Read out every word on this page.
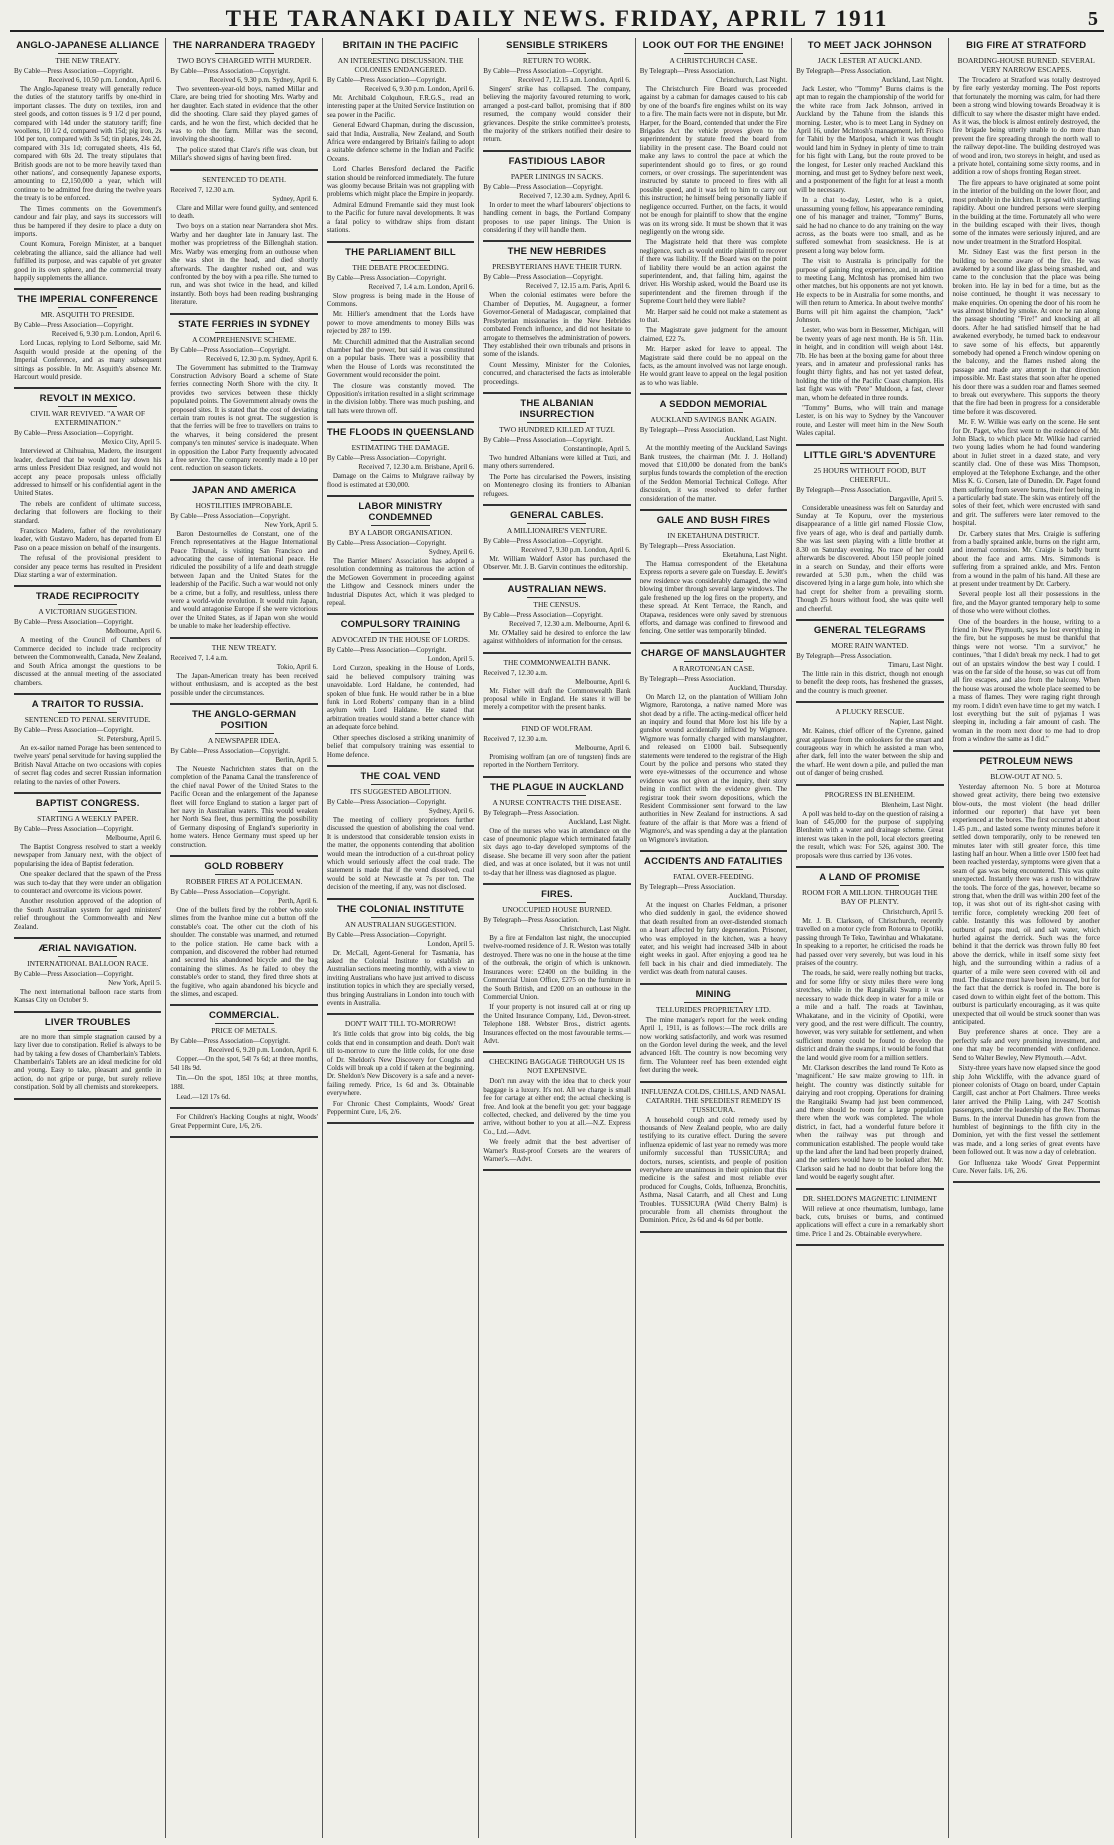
THE TARANAKI DAILY NEWS. FRIDAY, APRIL 7 1911	5
ANGLO-JAPANESE ALLIANCE
THE NEW TREATY.
By Cable—Press Association—Copyright.
Received 6, 10.50 p.m. London, April 6.

The Anglo-Japanese treaty will generally reduce the duties of the statutory tariffs by one-third in important classes. The duty on textiles, iron and steel goods, and cotton tissues is 9 1/2 d per pound, compared with 14d under the statutory tariff; fine woollens, 10 1/2 d, compared with 15d; pig iron, 2s 10d per ton, compared with 3s 5d; tin plates, 24s 2d, compared with 31s 1d; corrugated sheets, 41s 6d, compared with 60s 2d. The treaty stipulates that British goods are not to be more heavily taxed than other nations', and consequently Japanese exports, amounting to £2,150,000 a year, which will continue to be admitted free during the twelve years the treaty is to be enforced.

The Times comments on the Government's candour and fair play, and says its successors will thus be hampered if they desire to place a duty on imports.

Count Komura, Foreign Minister, at a banquet celebrating the alliance, said the alliance had well fulfilled its purpose, and was capable of yet greater good in its own sphere, and the commercial treaty happily supplements the alliance.

THE IMPERIAL CONFERENCE
MR. ASQUITH TO PRESIDE.
By Cable—Press Association—Copyright.
Received 6, 9.30 p.m. London, April 6.

Lord Lucas, replying to Lord Selborne, said Mr. Asquith would preside at the opening of the Imperial Conference, and as many subsequent sittings as possible. In Mr. Asquith's absence Mr. Harcourt would preside.

REVOLT IN MEXICO.
CIVIL WAR REVIVED. "A WAR OF EXTERMINATION."
By Cable—Press Association—Copyright.
Mexico City, April 5.

Interviewed at Chihuahua, Madero, the insurgent leader, declared that he would not lay down his arms unless President Diaz resigned, and would not accept any peace proposals unless officially addressed to himself or his confidential agent in the United States.

The rebels are confident of ultimate success, declaring that followers are flocking to their standard.

Francisco Madero, father of the revolutionary leader, with Gustavo Madero, has departed from El Paso on a peace mission on behalf of the insurgents.

The refusal of the provisional president to consider any peace terms has resulted in President Diaz starting a war of extermination.

TRADE RECIPROCITY
A VICTORIAN SUGGESTION.
By Cable—Press Association—Copyright.
Melbourne, April 6.

A meeting of the Council of Chambers of Commerce decided to include trade reciprocity between the Commonwealth, Canada, New Zealand, and South Africa amongst the questions to be discussed at the annual meeting of the associated chambers.

A TRAITOR TO RUSSIA.
SENTENCED TO PENAL SERVITUDE.
By Cable—Press Association—Copyright.
St. Petersburg, April 5.

An ex-sailor named Porage has been sentenced to twelve years' penal servitude for having supplied the British Naval Attache on two occasions with copies of secret flag codes and secret Russian information relating to the navies of other Powers.

BAPTIST CONGRESS.
STARTING A WEEKLY PAPER.
By Cable—Press Association—Copyright.
Melbourne, April 6.

The Baptist Congress resolved to start a weekly newspaper from January next, with the object of popularising the idea of Baptist federation.

One speaker declared that the spawn of the Press was such to-day that they were under an obligation to counteract and overcome its vicious power.

Another resolution approved of the adoption of the South Australian system for aged ministers' relief throughout the Commonwealth and New Zealand.

ÆRIAL NAVIGATION.
INTERNATIONAL BALLOON RACE.
By Cable—Press Association—Copyright.
New York, April 5.

The next international balloon race starts from Kansas City on October 9.

LIVER TROUBLES

are no more than simple stagnation caused by a lazy liver due to constipation. Relief is always to be had by taking a few doses of Chamberlain's Tablets. Chamberlain's Tablets are an ideal medicine for old and young. Easy to take, pleasant and gentle in action, do not gripe or purge, but surely relieve constipation. Sold by all chemists and storekeepers.

THE NARRANDERA TRAGEDY
TWO BOYS CHARGED WITH MURDER.
By Cable—Press Association—Copyright.
Received 6, 9.30 p.m. Sydney, April 6.

Two seventeen-year-old boys, named Millar and Clare, are being tried for shooting Mrs. Warby and her daughter. Each stated in evidence that the other did the shooting. Clare said they played games of cards, and he won the first, which decided that he was to rob the farm. Millar was the second, involving the shooting.

The police stated that Clare's rifle was clean, but Millar's showed signs of having been fired.

SENTENCED TO DEATH.
Received 7, 12.30 a.m.
Sydney, April 6.

Clare and Millar were found guilty, and sentenced to death.

Two boys on a station near Narrandera shot Mrs. Warby and her daughter late in January last. The mother was proprietress of the Billenghah station. Mrs. Warby was emerging from an outhouse when she was shot in the head, and died shortly afterwards. The daughter rushed out, and was confronted by the boy with a pea rifle. She turned to run, and was shot twice in the head, and killed instantly. Both boys had been reading bushranging literature.

STATE FERRIES IN SYDNEY
A COMPREHENSIVE SCHEME.
By Cable—Press Association—Copyright.
Received 6, 12.30 p.m. Sydney, April 6.

The Government has submitted to the Tramway Construction Advisory Board a scheme of State ferries connecting North Shore with the city. It provides two services between these thickly populated points. The Government already owns the proposed sites. It is stated that the cost of deviating certain tram routes is not great. The suggestion is that the ferries will be free to travellers on trains to the wharves, it being considered the present company's ten minutes' service is inadequate. When in opposition the Labor Party frequently advocated a free service. The company recently made a 10 per cent. reduction on season tickets.

JAPAN AND AMERICA
HOSTILITIES IMPROBABLE.
By Cable—Press Association—Copyright.
New York, April 5.

Baron Destournelles de Constant, one of the French representatives at the Hague International Peace Tribunal, is visiting San Francisco and advocating the cause of international peace. He ridiculed the possibility of a life and death struggle between Japan and the United States for the leadership of the Pacific. Such a war would not only be a crime, but a folly, and resultless, unless there were a world-wide revolution. It would ruin Japan, and would antagonise Europe if she were victorious over the United States, as if Japan won she would be unable to make her leadership effective.

THE NEW TREATY.
Received 7, 1.4 a.m.
Tokio, April 6.

The Japan-American treaty has been received without enthusiasm, and is accepted as the best possible under the circumstances.

THE ANGLO-GERMAN POSITION
A NEWSPAPER IDEA.
By Cable—Press Association—Copyright.
Berlin, April 5.

The Neueste Nachrichten states that on the completion of the Panama Canal the transference of the chief naval Power of the United States to the Pacific Ocean and the enlargement of the Japanese fleet will force England to station a larger part of her navy in Australian waters. This would weaken her North Sea fleet, thus permitting the possibility of Germany disposing of England's superiority in home waters. Hence Germany must speed up her construction.

GOLD ROBBERY
ROBBER FIRES AT A POLICEMAN.
By Cable—Press Association—Copyright.
Perth, April 6.

One of the bullets fired by the robber who stole slimes from the Ivanhoe mine cut a button off the constable's coat. The other cut the cloth of his shoulder. The constable was unarmed, and returned to the police station. He came back with a companion, and discovered the robber had returned and secured his abandoned bicycle and the bag containing the slimes. As he failed to obey the constable's order to stand, they fired three shots at the fugitive, who again abandoned his bicycle and the slimes, and escaped.

COMMERCIAL.
PRICE OF METALS.
By Cable—Press Association—Copyright.
Received 6, 9.20 p.m. London, April 6.

Copper.—On the spot, 54l 7s 6d; at three months, 54l 18s 9d.

Tin.—On the spot, 185l 10s; at three months, 188l.

Lead.—12l 17s 6d.

For Children's Hacking Coughs at night, Woods' Great Peppermint Cure, 1/6, 2/6.

BRITAIN IN THE PACIFIC
AN INTERESTING DISCUSSION. THE COLONIES ENDANGERED.
By Cable—Press Association—Copyright.
Received 6, 9.30 p.m. London, April 6.

Mr. Archibald Colquhoun, F.R.G.S., read an interesting paper at the United Service Institution on sea power in the Pacific.

General Edward Chapman, during the discussion, said that India, Australia, New Zealand, and South Africa were endangered by Britain's failing to adopt a suitable defence scheme in the Indian and Pacific Oceans.

Lord Charles Beresford declared the Pacific station should be reinforced immediately. The future was gloomy because Britain was not grappling with problems which might place the Empire in jeopardy.

Admiral Edmund Fremantle said they must look to the Pacific for future naval developments. It was a fatal policy to withdraw ships from distant stations.

THE PARLIAMENT BILL
THE DEBATE PROCEEDING.
By Cable—Press Association—Copyright.
Received 7, 1.4 a.m. London, April 6.

Slow progress is being made in the House of Commons.

Mr. Hillier's amendment that the Lords have power to move amendments to money Bills was rejected by 287 to 199.

Mr. Churchill admitted that the Australian second chamber had the power, but said it was constituted on a popular basis. There was a possibility that when the House of Lords was reconstituted the Government would reconsider the point.

The closure was constantly moved. The Opposition's irritation resulted in a slight scrimmage in the division lobby. There was much pushing, and tall hats were thrown off.

THE FLOODS IN QUEENSLAND
ESTIMATING THE DAMAGE.
By Cable—Press Association—Copyright.
Received 7, 12.30 a.m. Brisbane, April 6.

Damage on the Cairns to Mulgrave railway by flood is estimated at £30,000.

LABOR MINISTRY CONDEMNED
BY A LABOR ORGANISATION.
By Cable—Press Association—Copyright.
Sydney, April 6.

The Barrier Miners' Association has adopted a resolution condemning as traitorous the action of the McGowen Government in proceeding against the Lithgow and Cessnock miners under the Industrial Disputes Act, which it was pledged to repeal.

COMPULSORY TRAINING
ADVOCATED IN THE HOUSE OF LORDS.
By Cable—Press Association—Copyright.
London, April 5.

Lord Curzon, speaking in the House of Lords, said he believed compulsory training was unavoidable. Lord Haldane, he contended, had spoken of blue funk. He would rather be in a blue funk in Lord Roberts' company than in a blind asylum with Lord Haldane. He stated that arbitration treaties would stand a better chance with an adequate force behind.

Other speeches disclosed a striking unanimity of belief that compulsory training was essential to Home defence.

THE COAL VEND
ITS SUGGESTED ABOLITION.
By Cable—Press Association—Copyright.
Sydney, April 6.

The meeting of colliery proprietors further discussed the question of abolishing the coal vend. It is understood that considerable tension exists in the matter, the opponents contending that abolition would mean the introduction of a cut-throat policy which would seriously affect the coal trade. The statement is made that if the vend dissolved, coal would be sold at Newcastle at 7s per ton. The decision of the meeting, if any, was not disclosed.

THE COLONIAL INSTITUTE
AN AUSTRALIAN SUGGESTION.
By Cable—Press Association—Copyright.
London, April 5.

Dr. McCall, Agent-General for Tasmania, has asked the Colonial Institute to establish an Australian sections meeting monthly, with a view to inviting Australians who have just arrived to discuss institution topics in which they are specially versed, thus bringing Australians in London into touch with events in Australia.

DON'T WAIT TILL TO-MORROW!

It's little colds that grow into big colds, the big colds that end in consumption and death. Don't wait till to-morrow to cure the little colds, for one dose of Dr. Sheldon's New Discovery for Coughs and Colds will break up a cold if taken at the beginning. Dr. Sheldon's New Discovery is a safe and a never-failing remedy. Price, 1s 6d and 3s. Obtainable everywhere.

For Chronic Chest Complaints, Woods' Great Peppermint Cure, 1/6, 2/6.

SENSIBLE STRIKERS
RETURN TO WORK.
By Cable—Press Association—Copyright.
Received 7, 12.15 a.m. London, April 6.

Singers' strike has collapsed. The company, believing the majority favoured returning to work, arranged a post-card ballot, promising that if 800 resumed, the company would consider their grievances. Despite the strike committee's protests, the majority of the strikers notified their desire to return.

FASTIDIOUS LABOR
PAPER LININGS IN SACKS.
By Cable—Press Association—Copyright.
Received 7, 12.30 a.m. Sydney, April 6.

In order to meet the wharf labourers' objections to handling cement in bags, the Portland Company proposes to use paper linings. The Union is considering if they will handle them.

THE NEW HEBRIDES
PRESBYTERIANS HAVE THEIR TURN.
By Cable—Press Association—Copyright.
Received 7, 12.15 a.m. Paris, April 6.

When the colonial estimates were before the Chamber of Deputies, M. Augagneur, a former Governor-General of Madagascar, complained that Presbyterian missionaries in the New Hebrides combated French influence, and did not hesitate to arrogate to themselves the administration of powers. They established their own tribunals and prisons in some of the islands.

Count Messimy, Minister for the Colonies, concurred, and characterised the facts as intolerable proceedings.

THE ALBANIAN INSURRECTION
TWO HUNDRED KILLED AT TUZI.
By Cable—Press Association—Copyright.
Constantinople, April 5.

Two hundred Albanians were killed at Tuzi, and many others surrendered.

The Porte has circularised the Powers, insisting on Montenegro closing its frontiers to Albanian refugees.

GENERAL CABLES.
A MILLIONAIRE'S VENTURE.
By Cable—Press Association—Copyright.
Received 7, 9.30 p.m. London, April 6.

Mr. William Waldorf Astor has purchased the Observer. Mr. J. B. Garvin continues the editorship.

AUSTRALIAN NEWS.
THE CENSUS.
By Cable—Press Association—Copyright.
Received 7, 12.30 a.m. Melbourne, April 6.

Mr. O'Malley said he desired to enforce the law against withholders of information for the census.

THE COMMONWEALTH BANK.
Received 7, 12.30 a.m.
Melbourne, April 6.

Mr. Fisher will draft the Commonwealth Bank proposal while in England. He states it will be merely a competitor with the present banks.

FIND OF WOLFRAM.
Received 7, 12.30 a.m.
Melbourne, April 6.

Promising wolfram (an ore of tungsten) finds are reported in the Northern Territory.

THE PLAGUE IN AUCKLAND
A NURSE CONTRACTS THE DISEASE.
By Telegraph—Press Association.
Auckland, Last Night.

One of the nurses who was in attendance on the case of pneumonic plague which terminated fatally six days ago to-day developed symptoms of the disease. She became ill very soon after the patient died, and was at once isolated, but it was not until to-day that her illness was diagnosed as plague.

FIRES.
UNOCCUPIED HOUSE BURNED.
By Telegraph—Press Association.
Christchurch, Last Night.

By a fire at Fendalton last night, the unoccupied twelve-roomed residence of J. R. Weston was totally destroyed. There was no one in the house at the time of the outbreak, the origin of which is unknown. Insurances were: £2400 on the building in the Commercial Union Office, £275 on the furniture in the South British, and £200 on an outhouse in the Commercial Union.

If your property is not insured call at or ring up the United Insurance Company, Ltd., Devon-street. Telephone 188. Webster Bros., district agents. Insurances effected on the most favourable terms.—Advt.

CHECKING BAGGAGE THROUGH US IS NOT EXPENSIVE.

Don't run away with the idea that to check your baggage is a luxury. It's not. All we charge is small fee for cartage at either end; the actual checking is free. And look at the benefit you get: your baggage collected, checked, and delivered by the time you arrive, without bother to you at all.—N.Z. Express Co., Ltd.—Advt.

We freely admit that the best advertiser of Warner's Rust-proof Corsets are the wearers of Warner's.—Advt.

LOOK OUT FOR THE ENGINE!
A CHRISTCHURCH CASE.
By Telegraph—Press Association.
Christchurch, Last Night.

The Christchurch Fire Board was proceeded against by a cabman for damages caused to his cab by one of the board's fire engines whilst on its way to a fire. The main facts were not in dispute, but Mr. Harper, for the Board, contended that under the Fire Brigades Act the vehicle proves given to the superintendent by statute freed the board from liability in the present case. The Board could not make any laws to control the pace at which the superintendent should go to fires, or go round corners, or over crossings. The superintendent was instructed by statute to proceed to fires with all possible speed, and it was left to him to carry out this instruction; he himself being personally liable if negligence occurred. Further, on the facts, it would not be enough for plaintiff to show that the engine was on its wrong side. It must be shown that it was negligently on the wrong side.

The Magistrate held that there was complete negligence, such as would entitle plaintiff to recover if there was liability. If the Board was on the point of liability there would be an action against the superintendent, and, that failing him, against the driver. His Worship asked, would the Board use its superintendent and the firemen through if the Supreme Court held they were liable?

Mr. Harper said he could not make a statement as to that.

The Magistrate gave judgment for the amount claimed, £22 7s.

Mr. Harper asked for leave to appeal. The Magistrate said there could be no appeal on the facts, as the amount involved was not large enough. He would grant leave to appeal on the legal position as to who was liable.

A SEDDON MEMORIAL
AUCKLAND SAVINGS BANK AGAIN.
By Telegraph—Press Association.
Auckland, Last Night.

At the monthly meeting of the Auckland Savings Bank trustees, the chairman (Mr. J. J. Holland) moved that £10,000 be donated from the bank's surplus funds towards the completion of the erection of the Seddon Memorial Technical College. After discussion, it was resolved to defer further consideration of the matter.

GALE AND BUSH FIRES
IN EKETAHUNA DISTRICT.
By Telegraph—Press Association.
Eketahuna, Last Night.

The Hamua correspondent of the Eketahuna Express reports a severe gale on Tuesday. E. Jewitt's new residence was considerably damaged, the wind blowing timber through several large windows. The gale freshened up the log fires on the property, and these spread. At Kent Terrace, the Ranch, and Otapawa, residences were only saved by strenuous efforts, and damage was confined to firewood and fencing. One settler was temporarily blinded.

CHARGE OF MANSLAUGHTER
A RAROTONGAN CASE.
By Telegraph—Press Association.
Auckland, Thursday.

On March 12, on the plantation of William John Wigmore, Rarotonga, a native named More was shot dead by a rifle. The acting-medical officer held an inquiry and found that More lost his life by a gunshot wound accidentally inflicted by Wigmore. Wigmore was formally charged with manslaughter, and released on £1000 bail. Subsequently statements were tendered to the registrar of the High Court by the police and persons who stated they were eye-witnesses of the occurrence and whose evidence was not given at the inquiry, their story being in conflict with the evidence given. The registrar took their sworn depositions, which the Resident Commissioner sent forward to the law authorities in New Zealand for instructions. A sad feature of the affair is that More was a friend of Wigmore's, and was spending a day at the plantation on Wigmore's invitation.

ACCIDENTS AND FATALITIES
FATAL OVER-FEEDING.
By Telegraph—Press Association.
Auckland, Thursday.

At the inquest on Charles Feldman, a prisoner who died suddenly in gaol, the evidence showed that death resulted from an over-distended stomach on a heart affected by fatty degeneration. Prisoner, who was employed in the kitchen, was a heavy eater, and his weight had increased 34lb in about eight weeks in gaol. After enjoying a good tea he fell back in his chair and died immediately. The verdict was death from natural causes.

MINING
TELLURIDES PROPRIETARY LTD.

The mine manager's report for the week ending April 1, 1911, is as follows:—The rock drills are now working satisfactorily, and work was resumed on the Gordon level during the week, and the level advanced 16ft. The country is now becoming very firm. The Volunteer reef has been extended eight feet during the week.

INFLUENZA COLDS, CHILLS, AND NASAL CATARRH. THE SPEEDIEST REMEDY IS TUSSICURA.

A household cough and cold remedy used by thousands of New Zealand people, who are daily testifying to its curative effect. During the severe influenza epidemic of last year no remedy was more uniformly successful than TUSSICURA; and doctors, nurses, scientists, and people of position everywhere are unanimous in their opinion that this medicine is the safest and most reliable ever produced for Coughs, Colds, Influenza, Bronchitis, Asthma, Nasal Catarrh, and all Chest and Lung Troubles. TUSSICURA (Wild Cherry Balm) is procurable from all chemists throughout the Dominion. Price, 2s 6d and 4s 6d per bottle.

TO MEET JACK JOHNSON
JACK LESTER AT AUCKLAND.
By Telegraph—Press Association.
Auckland, Last Night.

Jack Lester, who "Tommy" Burns claims is the apt man to regain the championship of the world for the white race from Jack Johnson, arrived in Auckland by the Tahune from the islands this morning. Lester, who is to meet Lang in Sydney on April 16, under McIntosh's management, left Frisco for Tahiti by the Mariposa, which it was thought would land him in Sydney in plenty of time to train for his fight with Lang, but the route proved to be the longest, for Lester only reached Auckland this morning, and must get to Sydney before next week, and a postponement of the fight for at least a month will be necessary.

In a chat to-day, Lester, who is a quiet, unassuming young fellow, his appearance reminding one of his manager and trainer, "Tommy" Burns, said he had no chance to do any training on the way across, as the boats were too small, and as he suffered somewhat from seasickness. He is at present a long way below form.

The visit to Australia is principally for the purpose of gaining ring experience, and, in addition to meeting Lang, McIntosh has promised him two other matches, but his opponents are not yet known. He expects to be in Australia for some months, and will then return to America. In about twelve months' Burns will pit him against the champion, "Jack" Johnson.

Lester, who was born in Bessemer, Michigan, will be twenty years of age next month. He is 5ft. 11in. in height, and in condition will weigh about 14st. 7lb. He has been at the boxing game for about three years, and in amateur and professional ranks has fought thirty fights, and has not yet tasted defeat, holding the title of the Pacific Coast champion. His last fight was with "Pete" Muldoon, a fast, clever man, whom he defeated in three rounds.

"Tommy" Burns, who will train and manage Lester, is on his way to Sydney by the Vancouver route, and Lester will meet him in the New South Wales capital.

LITTLE GIRL'S ADVENTURE
25 HOURS WITHOUT FOOD, BUT CHEERFUL.
By Telegraph—Press Association.
Dargaville, April 5.

Considerable uneasiness was felt on Saturday and Sunday at Te Kopuru, over the mysterious disappearance of a little girl named Flossie Clow, five years of age, who is deaf and partially dumb. She was last seen playing with a little brother at 8.30 on Saturday evening. No trace of her could afterwards be discovered. About 150 people joined in a search on Sunday, and their efforts were rewarded at 5.30 p.m., when the child was discovered lying in a large gum hole, into which she had crept for shelter from a prevailing storm. Though 25 hours without food, she was quite well and cheerful.

GENERAL TELEGRAMS
MORE RAIN WANTED.
By Telegraph—Press Association.
Timaru, Last Night.

The little rain in this district, though not enough to benefit the deep roots, has freshened the grasses, and the country is much greener.

A PLUCKY RESCUE.
Napier, Last Night.

Mr. Kaines, chief officer of the Cyrenne, gained great applause from the onlookers for the smart and courageous way in which he assisted a man who, after dark, fell into the water between the ship and the wharf. He went down a pile, and pulled the man out of danger of being crushed.

PROGRESS IN BLENHEIM.
Blenheim, Last Night.

A poll was held to-day on the question of raising a loan of £45,000 for the purpose of supplying Blenheim with a water and drainage scheme. Great interest was taken in the poll, local electors greeting the result, which was: For 526, against 300. The proposals were thus carried by 136 votes.

A LAND OF PROMISE
ROOM FOR A MILLION. THROUGH THE BAY OF PLENTY.
Christchurch, April 5.

Mr. J. B. Clarkson, of Christchurch, recently travelled on a motor cycle from Rotorua to Opotiki, passing through Te Teko, Tawinhau and Whakatane. In speaking to a reporter, he criticised the roads he had passed over very severely, but was loud in his praises of the country.

The roads, he said, were really nothing but tracks, and for some fifty or sixty miles there were long stretches, while in the Rangitaiki Swamp it was necessary to wade thick deep in water for a mile or a mile and a half. The roads at Tawinhau, Whakatane, and in the vicinity of Opotiki, were very good, and the rest were difficult. The country, however, was very suitable for settlement, and when sufficient money could be found to develop the district and drain the swamps, it would be found that the land would give room for a million settlers.

Mr. Clarkson describes the land round Te Koto as 'magnificent.' He saw maize growing to 11ft. in height. The country was distinctly suitable for dairying and root cropping. Operations for draining the Rangitaiki Swamp had just been commenced, and there should be room for a large population there when the work was completed. The whole district, in fact, had a wonderful future before it when the railway was put through and communication established. The people would take up the land after the land had been properly drained, and the settlers would have to be looked after. Mr. Clarkson said he had no doubt that before long the land would be eagerly sought after.

DR. SHELDON'S MAGNETIC LINIMENT

Will relieve at once rheumatism, lumbago, lame back, cuts, bruises or burns, and continued applications will effect a cure in a remarkably short time. Price 1 and 2s. Obtainable everywhere.

BIG FIRE AT STRATFORD
BOARDING-HOUSE BURNED. SEVERAL VERY NARROW ESCAPES.

The Trocadero at Stratford was totally destroyed by fire early yesterday morning. The Post reports that fortunately the morning was calm, for had there been a strong wind blowing towards Broadway it is difficult to say where the disaster might have ended. As it was, the block is almost entirely destroyed, the fire brigade being utterly unable to do more than prevent the fire spreading through the north wall to the railway depot-line. The building destroyed was of wood and iron, two storeys in height, and used as a private hotel, containing some sixty rooms, and in addition a row of shops fronting Regan street.

The fire appears to have originated at some point in the interior of the building on the lower floor, and most probably in the kitchen. It spread with startling rapidity. About one hundred persons were sleeping in the building at the time. Fortunately all who were in the building escaped with their lives, though some of the inmates were seriously injured, and are now under treatment in the Stratford Hospital.

Mr. Sidney East was the first person in the building to become aware of the fire. He was awakened by a sound like glass being smashed, and came to the conclusion that the place was being broken into. He lay in bed for a time, but as the noise continued, he thought it was necessary to make enquiries. On opening the door of his room he was almost blinded by smoke. At once he ran along the passage shouting "Fire!" and knocking at all doors. After he had satisfied himself that he had awakened everybody, he turned back to endeavour to save some of his effects, but apparently somebody had opened a French window opening on the balcony, and the flames rushed along the passage and made any attempt in that direction impossible. Mr. East states that soon after he opened his door there was a sudden roar and flames seemed to break out everywhere. This supports the theory that the fire had been in progress for a considerable time before it was discovered.

Mr. F. W. Wilkie was early on the scene. He sent for Dr. Paget, who first went to the residence of Mr. John Black, to which place Mr. Wilkie had carried two young ladies whom he had found wandering about in Juliet street in a dazed state, and very scantily clad. One of these was Miss Thompson, employed at the Telephone Exchange, and the other Miss K. G. Corsen, late of Dunedin. Dr. Paget found them suffering from severe burns, their feet being in a particularly bad state. The skin was entirely off the soles of their feet, which were encrusted with sand and grit. The sufferers were later removed to the hospital.

Dr. Carbery states that Mrs. Craigie is suffering from a badly sprained ankle, burns on the right arm, and internal contusion. Mr. Craigie is badly burnt about the face and arms. Mrs. Simmonds is suffering from a sprained ankle, and Mrs. Fenton from a wound in the palm of his hand. All these are at present under treatment by Dr. Carbery.

Several people lost all their possessions in the fire, and the Mayor granted temporary help to some of those who were without clothes.

One of the boarders in the house, writing to a friend in New Plymouth, says he lost everything in the fire, but he supposes he must be thankful that things were not worse. "I'm a survivor," he continues, "that I didn't break my neck. I had to get out of an upstairs window the best way I could. I was on the far side of the house, so was cut off from all fire escapes, and also from the balcony. When the house was aroused the whole place seemed to be a mass of flames. They were raging right through my room. I didn't even have time to get my watch. I lost everything but the suit of pyjamas I was sleeping in, including a fair amount of cash. The woman in the room next door to me had to drop from a window the same as I did."

PETROLEUM NEWS
BLOW-OUT AT NO. 5.

Yesterday afternoon No. 5 bore at Moturoa showed great activity, there being two extensive blow-outs, the most violent (the head driller informed our reporter) that have yet been experienced at the bores. The first occurred at about 1.45 p.m., and lasted some twenty minutes before it settled down temporarily, only to be renewed ten minutes later with still greater force, this time lasting half an hour. When a little over 1500 feet had been reached yesterday, symptoms were given that a seam of gas was being encountered. This was quite unexpected. Instantly there was a rush to withdraw the tools. The force of the gas, however, became so strong that, when the drill was within 200 feet of the top, it was shot out of its right-shot casing with terrific force, completely wrecking 200 feet of cable. Instantly this was followed by another outburst of paps mud, oil and salt water, which hurled against the derrick. Such was the force behind it that the derrick was thrown fully 80 feet above the derrick, while in itself some sixty feet high, and the surrounding within a radius of a quarter of a mile were seen covered with oil and mud. The distance must have been increased, but for the fact that the derrick is roofed in. The bore is cased down to within eight feet of the bottom. This outburst is particularly encouraging, as it was quite unexpected that oil would be struck sooner than was anticipated.

Buy preference shares at once. They are a perfectly safe and very promising investment, and one that may be recommended with confidence. Send to Walter Bewley, New Plymouth.—Advt.

Sixty-three years have now elapsed since the good ship John Wickliffe, with the advance guard of pioneer colonists of Otago on board, under Captain Cargill, cast anchor at Port Chalmers. Three weeks later arrived the Philip Laing, with 247 Scottish passengers, under the leadership of the Rev. Thomas Burns. In the interval Dunedin has grown from the humblest of beginnings to the fifth city in the Dominion, yet with the first vessel the settlement was made, and a long series of great events have been followed out. It was now a day of celebration.

Gor Influenza take Woods' Great Peppermint Cure. Never fails. 1/6, 2/6.
